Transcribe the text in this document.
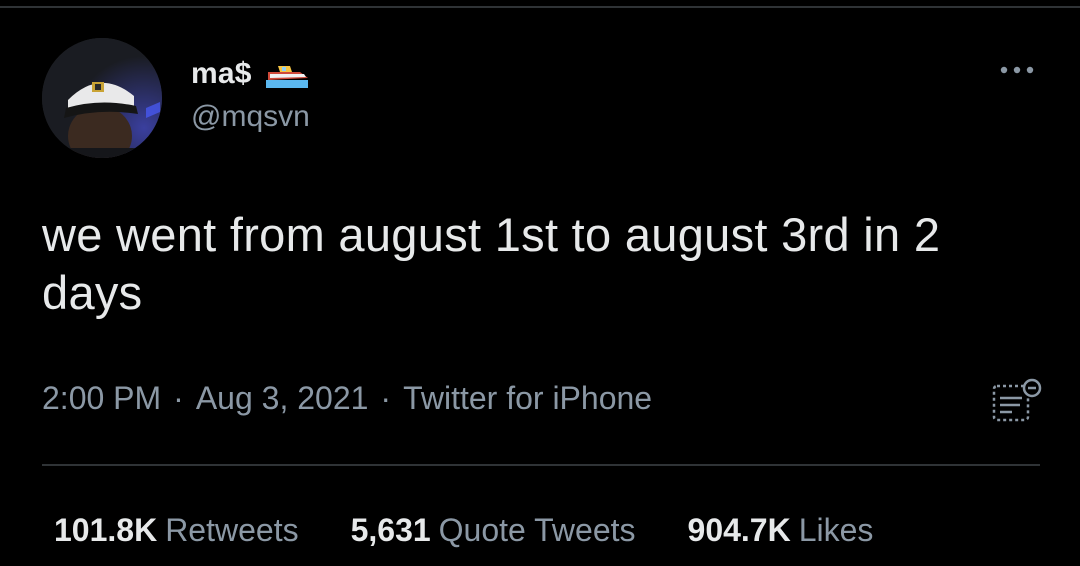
ma$
@mqsvn
we went from august 1st to august 3rd in 2 days
2:00 PM · Aug 3, 2021 · Twitter for iPhone
101.8K Retweets 5,631 Quote Tweets 904.7K Likes
